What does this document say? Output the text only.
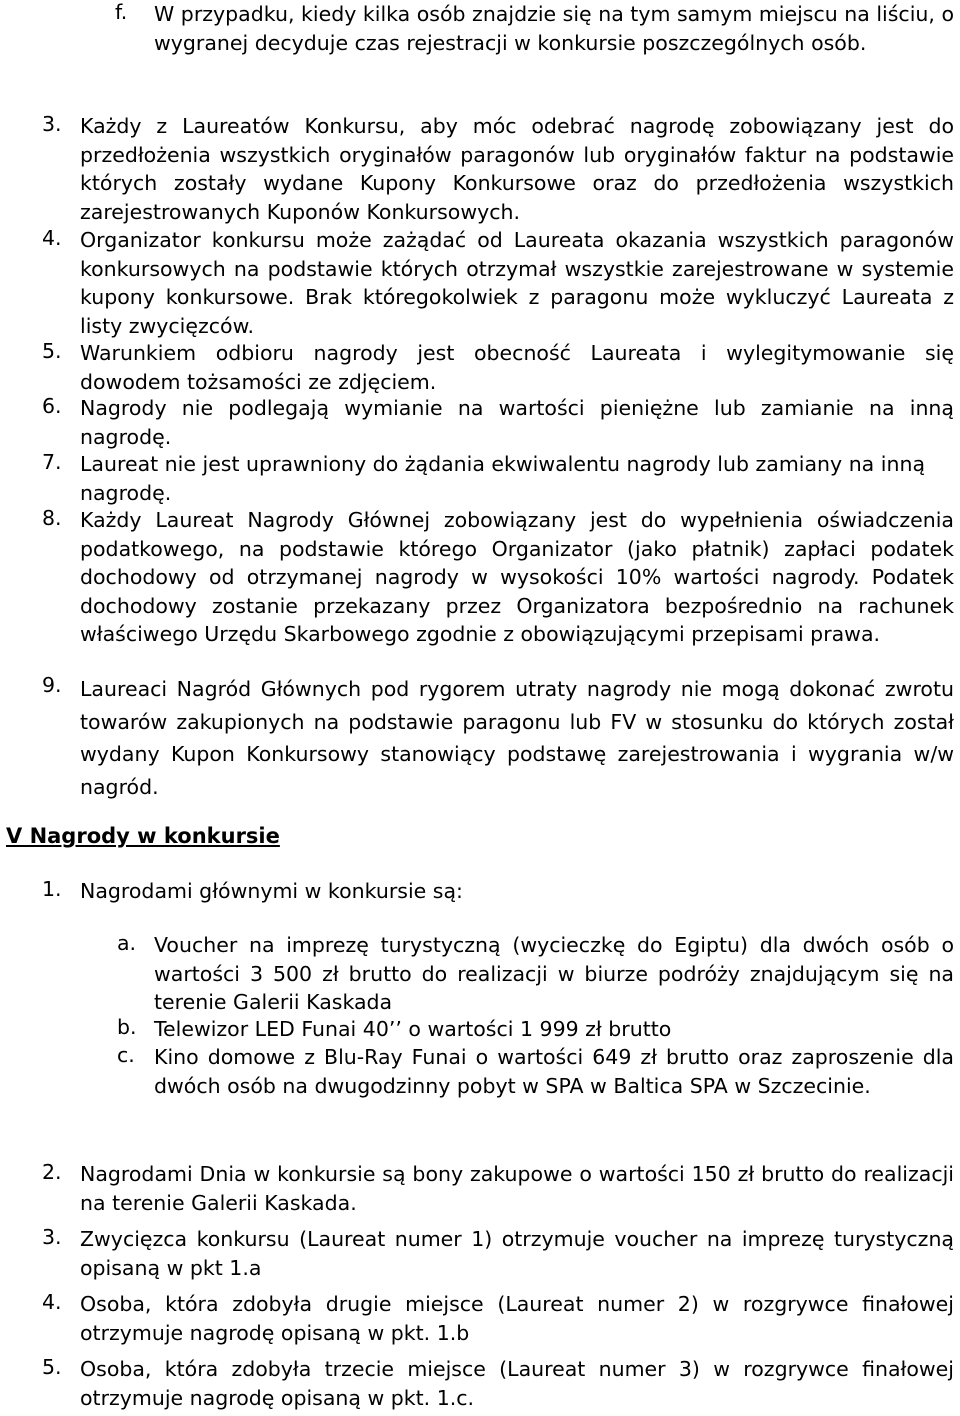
f. W przypadku, kiedy kilka osób znajdzie się na tym samym miejscu na liściu, o wygranej decyduje czas rejestracji w konkursie poszczególnych osób.
3. Każdy z Laureatów Konkursu, aby móc odebrać nagrodę zobowiązany jest do przedłożenia wszystkich oryginałów paragonów lub oryginałów faktur na podstawie których zostały wydane Kupony Konkursowe oraz do przedłożenia wszystkich zarejestrowanych Kuponów Konkursowych.
4. Organizator konkursu może zażądać od Laureata okazania wszystkich paragonów konkursowych na podstawie których otrzymał wszystkie zarejestrowane w systemie kupony konkursowe. Brak któregokolwiek z paragonu może wykluczyć Laureata z listy zwycięzców.
5. Warunkiem odbioru nagrody jest obecność Laureata i wylegitymowanie się dowodem tożsamości ze zdjęciem.
6. Nagrody nie podlegają wymianie na wartości pieniężne lub zamianie na inną nagrodę.
7. Laureat nie jest uprawniony do żądania ekwiwalentu nagrody lub zamiany na inną nagrodę.
8. Każdy Laureat Nagrody Głównej zobowiązany jest do wypełnienia oświadczenia podatkowego, na podstawie którego Organizator (jako płatnik) zapłaci podatek dochodowy od otrzymanej nagrody w wysokości 10% wartości nagrody. Podatek dochodowy zostanie przekazany przez Organizatora bezpośrednio na rachunek właściwego Urzędu Skarbowego zgodnie z obowiązującymi przepisami prawa.
9. Laureaci Nagród Głównych pod rygorem utraty nagrody nie mogą dokonać zwrotu towarów zakupionych na podstawie paragonu lub FV w stosunku do których został wydany Kupon Konkursowy stanowiący podstawę zarejestrowania i wygrania w/w nagród.
V Nagrody w konkursie
1. Nagrodami głównymi w konkursie są:
a. Voucher na imprezę turystyczną (wycieczkę do Egiptu) dla dwóch osób o wartości 3 500 zł brutto do realizacji w biurze podróży znajdującym się na terenie Galerii Kaskada
b. Telewizor LED Funai 40’’ o wartości 1 999 zł brutto
c. Kino domowe z Blu-Ray Funai o wartości 649 zł brutto oraz zaproszenie dla dwóch osób na dwugodzinny pobyt w SPA w Baltica SPA w Szczecinie.
2. Nagrodami Dnia w konkursie są bony zakupowe o wartości 150 zł brutto do realizacji na terenie Galerii Kaskada.
3. Zwycięzca konkursu (Laureat numer 1) otrzymuje voucher na imprezę turystyczną opisaną w pkt 1.a
4. Osoba, która zdobyła drugie miejsce (Laureat numer 2) w rozgrywce finałowej otrzymuje nagrodę opisaną w pkt. 1.b
5. Osoba, która zdobyła trzecie miejsce (Laureat numer 3) w rozgrywce finałowej otrzymuje nagrodę opisaną w pkt. 1.c.
